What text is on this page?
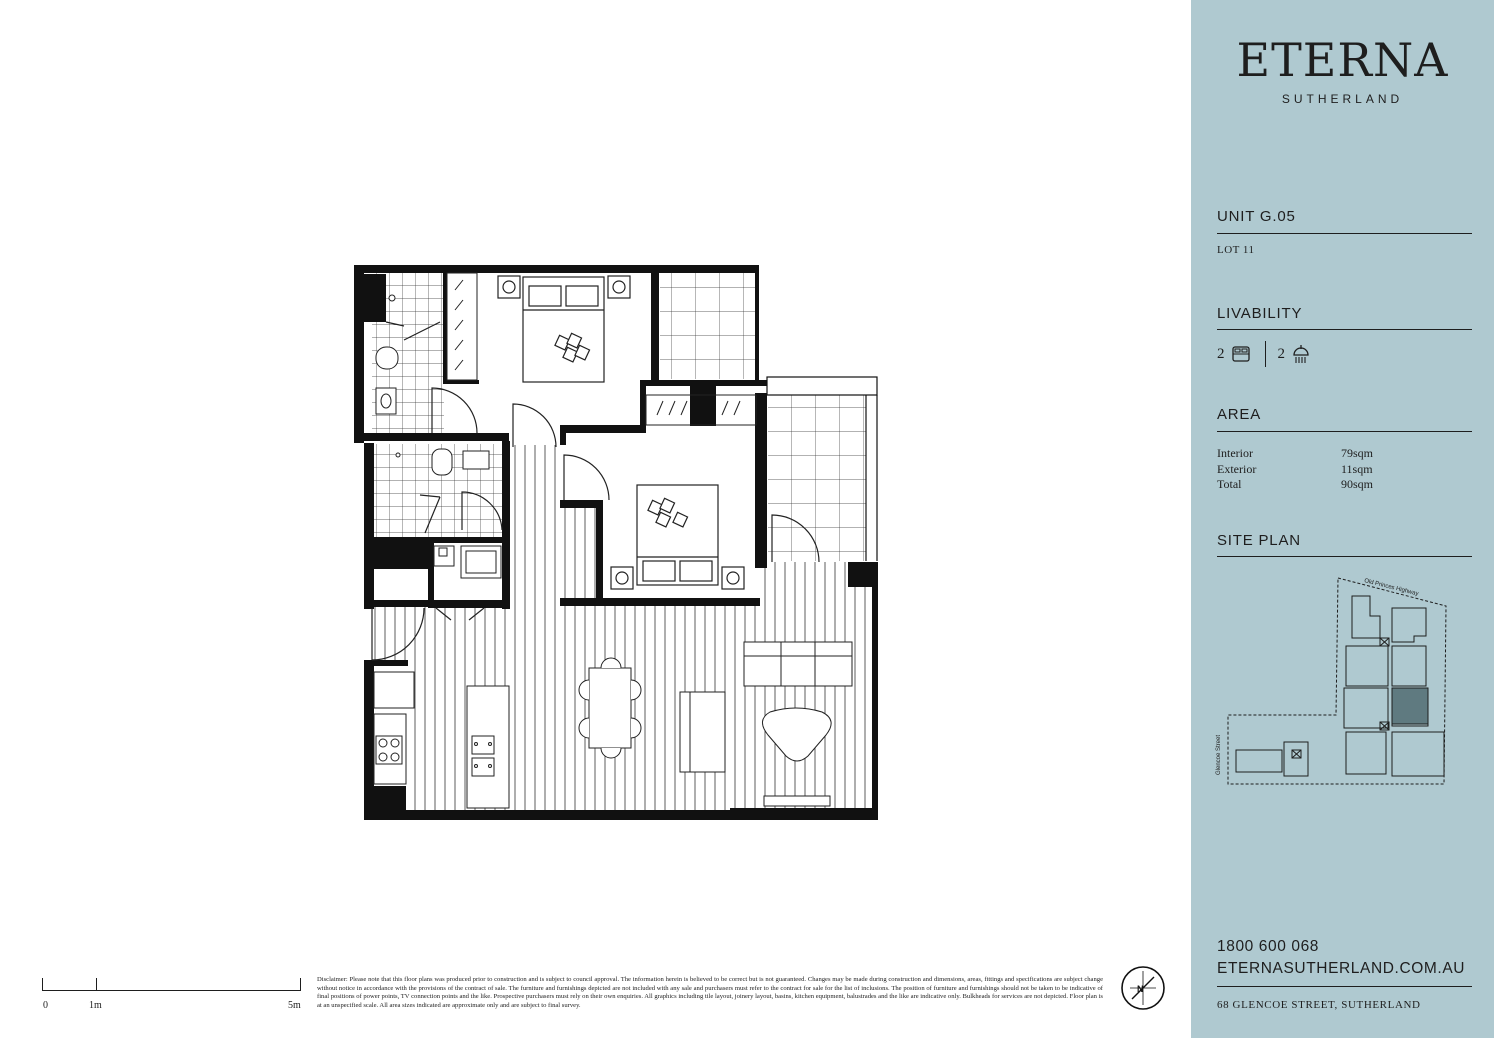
0	1m	5m

Disclaimer: Please note that this floor plans was produced prior to construction and is subject to council approval. The information herein is believed to be correct but is not guaranteed. Changes may be made during construction and dimensions, areas, fittings and specifications are subject change without notice in accordance with the provisions of the contract of sale. The furniture and furnishings depicted are not included with any sale and purchasers must refer to the contract for sale for the list of inclusions. The position of furniture and furnishings should not be taken to be indicative of final positions of power points, TV connection points and the like. Prospective purchasers must rely on their own enquiries. All graphics including tile layout, joinery layout, basins, kitchen equipment, balustrades and the like are indicative only. Bulkheads for services are not depicted. Floor plan is at an unspecified scale. All area sizes indicated are approximate only and are subject to final survey.

N
ETERNA
SUTHERLAND
UNIT G.05
LOT 11
LIVABILITY
2	2
AREA
Interior	79sqm
Exterior	11sqm
Total	90sqm
SITE PLAN
1800 600 068
ETERNASUTHERLAND.COM.AU
68 GLENCOE STREET, SUTHERLAND
Old Princes Highway
Glencoe Street
